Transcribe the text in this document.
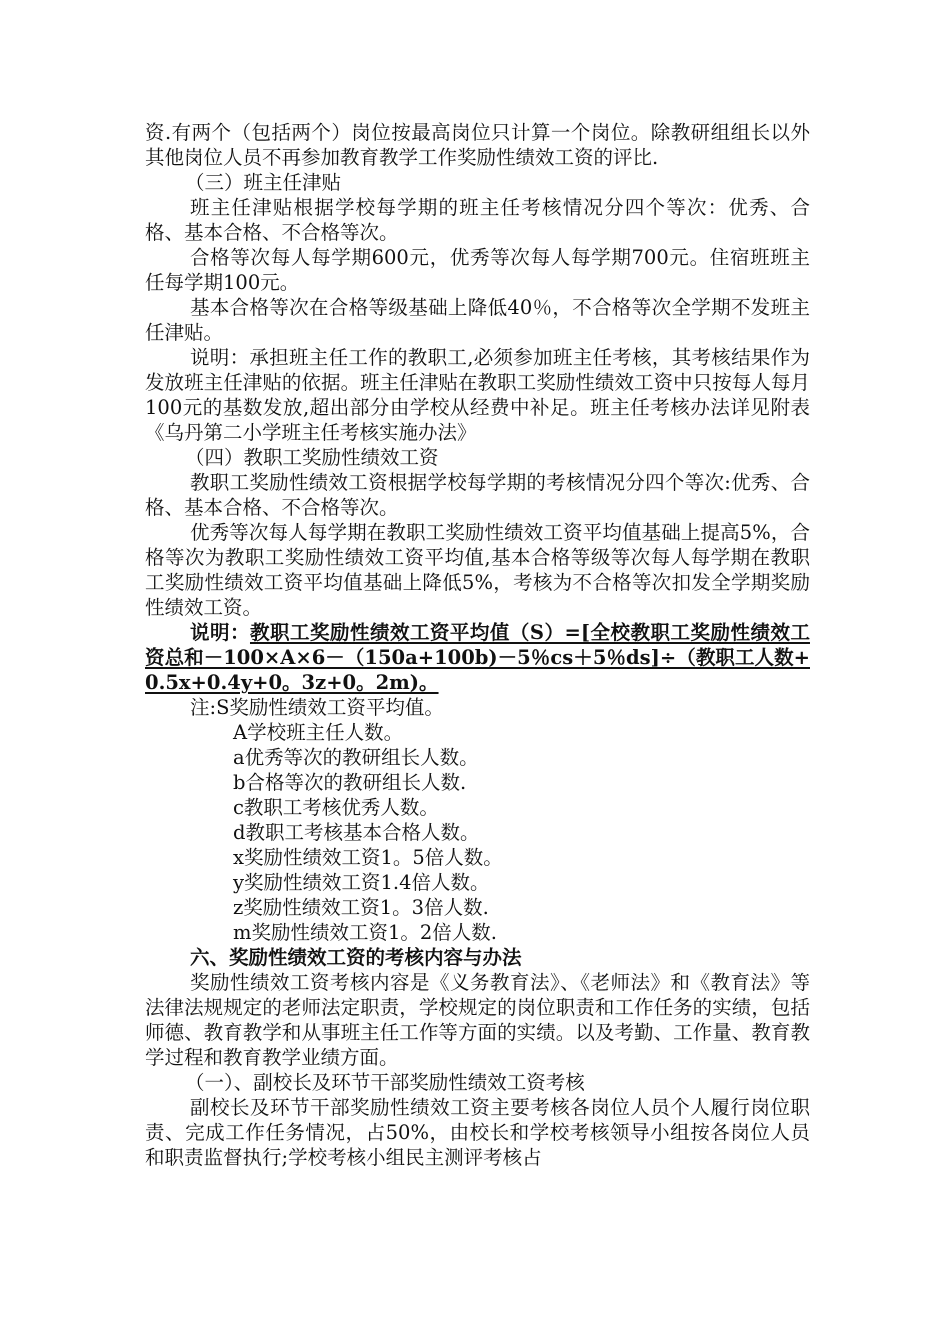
资.有两个（包括两个）岗位按最高岗位只计算一个岗位。除教研组组长以外其他岗位人员不再参加教育教学工作奖励性绩效工资的评比.

（三）班主任津贴

班主任津贴根据学校每学期的班主任考核情况分四个等次：优秀、合格、基本合格、不合格等次。

合格等次每人每学期600元，优秀等次每人每学期700元。住宿班班主任每学期100元。

基本合格等次在合格等级基础上降低40％，不合格等次全学期不发班主任津贴。

说明：承担班主任工作的教职工,必须参加班主任考核，其考核结果作为发放班主任津贴的依据。班主任津贴在教职工奖励性绩效工资中只按每人每月100元的基数发放,超出部分由学校从经费中补足。班主任考核办法详见附表《乌丹第二小学班主任考核实施办法》

（四）教职工奖励性绩效工资

教职工奖励性绩效工资根据学校每学期的考核情况分四个等次:优秀、合格、基本合格、不合格等次。

优秀等次每人每学期在教职工奖励性绩效工资平均值基础上提高5%，合格等次为教职工奖励性绩效工资平均值,基本合格等级等次每人每学期在教职工奖励性绩效工资平均值基础上降低5%，考核为不合格等次扣发全学期奖励性绩效工资。

说明：教职工奖励性绩效工资平均值（S）=[全校教职工奖励性绩效工资总和－100×A×6－（150a+100b)－5％cs＋5％ds]÷（教职工人数+0.5x+0.4y+0。3z+0。2m)。

注:S奖励性绩效工资平均值。

A学校班主任人数。

a优秀等次的教研组长人数。

b合格等次的教研组长人数.

c教职工考核优秀人数。

d教职工考核基本合格人数。

x奖励性绩效工资1。5倍人数。

y奖励性绩效工资1.4倍人数。

z奖励性绩效工资1。3倍人数.

m奖励性绩效工资1。2倍人数.

六、奖励性绩效工资的考核内容与办法

奖励性绩效工资考核内容是《义务教育法》、《老师法》和《教育法》等法律法规规定的老师法定职责，学校规定的岗位职责和工作任务的实绩，包括师德、教育教学和从事班主任工作等方面的实绩。以及考勤、工作量、教育教学过程和教育教学业绩方面。

（一）、副校长及环节干部奖励性绩效工资考核

副校长及环节干部奖励性绩效工资主要考核各岗位人员个人履行岗位职责、完成工作任务情况，占50%，由校长和学校考核领导小组按各岗位人员和职责监督执行;学校考核小组民主测评考核占
